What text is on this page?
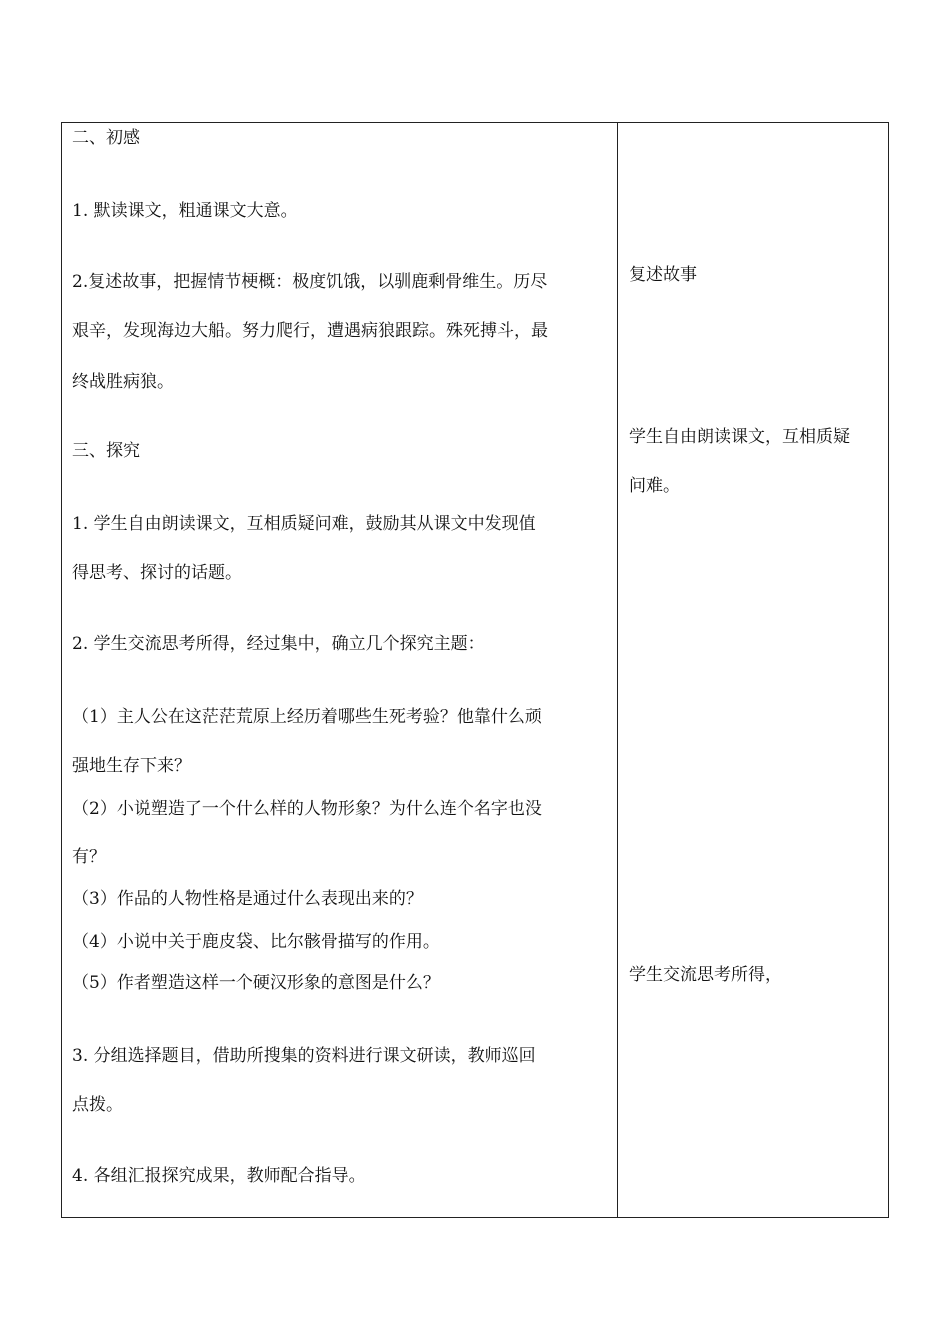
二、初感
1. 默读课文，粗通课文大意。
2.复述故事，把握情节梗概：极度饥饿，以驯鹿剩骨维生。历尽
艰辛，发现海边大船。努力爬行，遭遇病狼跟踪。殊死搏斗，最
终战胜病狼。
三、探究
1. 学生自由朗读课文，互相质疑问难，鼓励其从课文中发现值
得思考、探讨的话题。
2. 学生交流思考所得，经过集中，确立几个探究主题：
（1）主人公在这茫茫荒原上经历着哪些生死考验？他靠什么顽
强地生存下来？
（2）小说塑造了一个什么样的人物形象？为什么连个名字也没
有？
（3）作品的人物性格是通过什么表现出来的？
（4）小说中关于鹿皮袋、比尔骸骨描写的作用。
（5）作者塑造这样一个硬汉形象的意图是什么？
3. 分组选择题目，借助所搜集的资料进行课文研读，教师巡回
点拨。
4. 各组汇报探究成果，教师配合指导。
复述故事
学生自由朗读课文，互相质疑
问难。
学生交流思考所得，
